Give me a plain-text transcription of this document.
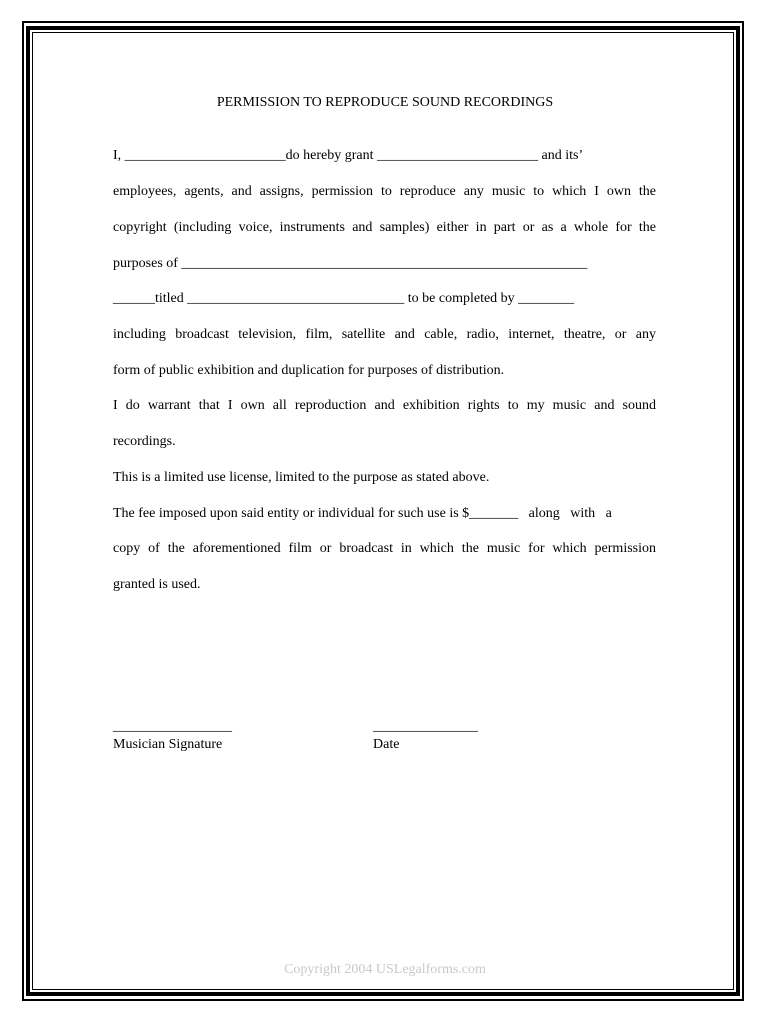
PERMISSION TO REPRODUCE SOUND RECORDINGS
I, _______________________do hereby grant _______________________ and its’
employees, agents, and assigns, permission to reproduce any music to which I own the
copyright (including voice, instruments and samples) either in part or as a whole for the
purposes of __________________________________________________________
______titled _______________________________ to be completed by ________
including broadcast television, film, satellite and cable, radio, internet, theatre, or any
form of public exhibition and duplication for purposes of distribution.
I do warrant that I own all reproduction and exhibition rights to my music and sound
recordings.
This is a limited use license, limited to the purpose as stated above.
The fee imposed upon said entity or individual for such use is $_______   along   with   a
copy of the aforementioned film or broadcast in which the music for which permission
granted is used.
_________________
Musician Signature
_______________
Date
Copyright 2004 USLegalforms.com
